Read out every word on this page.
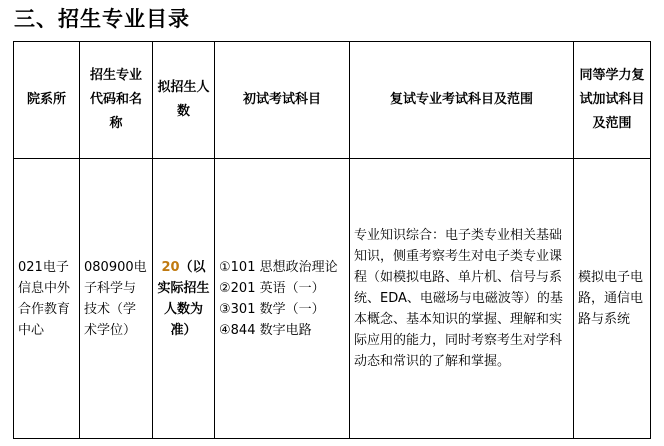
三、招生专业目录
院系所	招生专业代码和名称	拟招生人数	初试考试科目	复试专业考试科目及范围	同等学力复试加试科目及范围
021电子信息中外合作教育中心	080900电子科学与技术（学术学位）	20（以实际招生人数为准）	①101 思想政治理论
②201 英语（一）
③301 数学（一）
④844 数字电路	专业知识综合：电子类专业相关基础知识，侧重考察考生对电子类专业课程（如模拟电路、单片机、信号与系统、EDA、电磁场与电磁波等）的基本概念、基本知识的掌握、理解和实际应用的能力，同时考察考生对学科动态和常识的了解和掌握。	模拟电子电路，通信电路与系统
